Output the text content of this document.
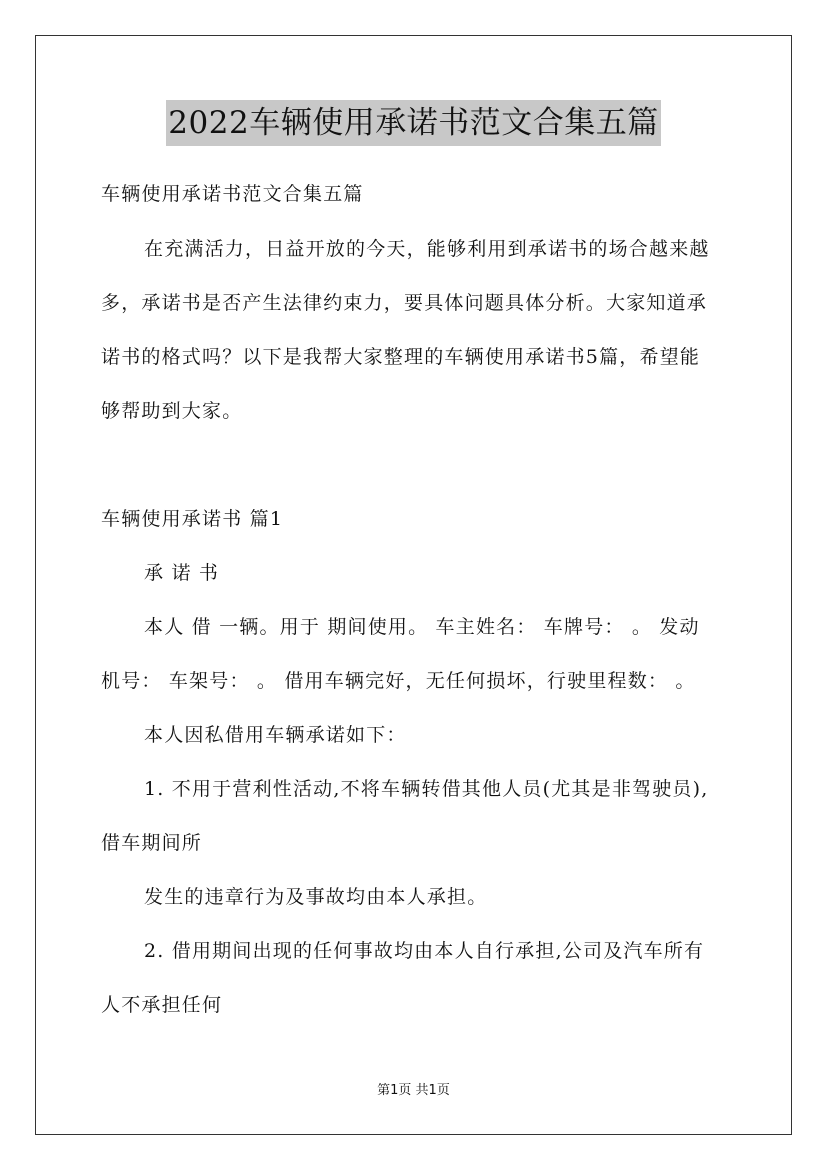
2022车辆使用承诺书范文合集五篇
车辆使用承诺书范文合集五篇
在充满活力，日益开放的今天，能够利用到承诺书的场合越来越
多，承诺书是否产生法律约束力，要具体问题具体分析。大家知道承
诺书的格式吗？以下是我帮大家整理的车辆使用承诺书5篇，希望能
够帮助到大家。
车辆使用承诺书 篇1
承 诺 书
本人 借 一辆。用于 期间使用。 车主姓名： 车牌号： 。 发动
机号： 车架号： 。 借用车辆完好，无任何损坏，行驶里程数： 。
本人因私借用车辆承诺如下：
1. 不用于营利性活动,不将车辆转借其他人员(尤其是非驾驶员),
借车期间所
发生的违章行为及事故均由本人承担。
2. 借用期间出现的任何事故均由本人自行承担,公司及汽车所有
人不承担任何
第1页 共1页
